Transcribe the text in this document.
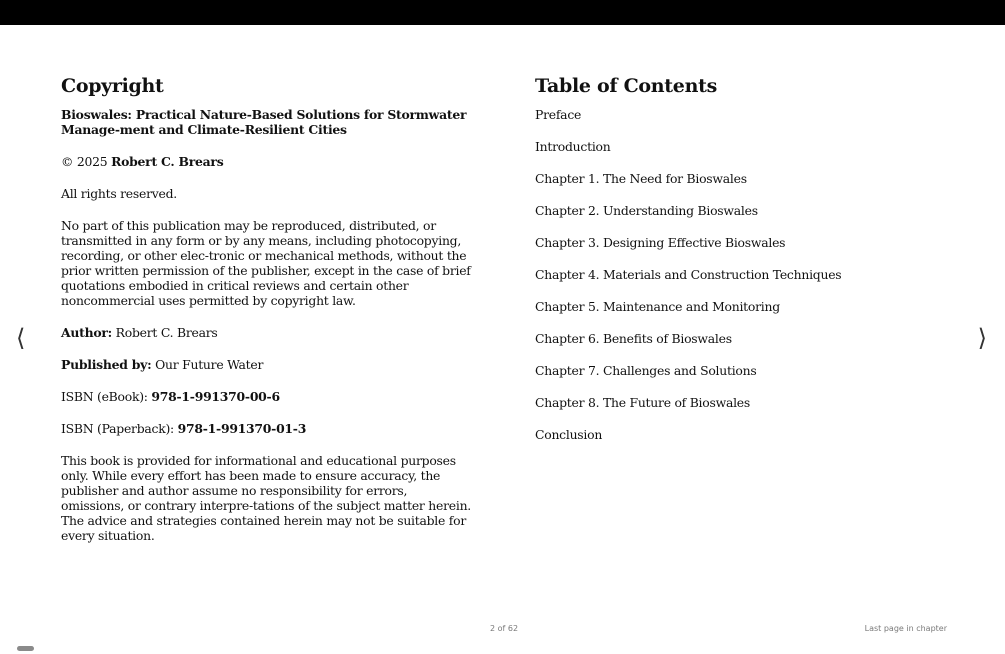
Copyright

Bioswales: Practical Nature-Based Solutions for Stormwater Manage-ment and Climate-Resilient Cities

© 2025 Robert C. Brears

All rights reserved.

No part of this publication may be reproduced, distributed, or transmitted in any form or by any means, including photocopying, recording, or other elec-tronic or mechanical methods, without the prior written permission of the publisher, except in the case of brief quotations embodied in critical reviews and certain other noncommercial uses permitted by copyright law.

Author: Robert C. Brears

Published by: Our Future Water

ISBN (eBook): 978-1-991370-00-6

ISBN (Paperback): 978-1-991370-01-3

This book is provided for informational and educational purposes only. While every effort has been made to ensure accuracy, the publisher and author assume no responsibility for errors, omissions, or contrary interpre-tations of the subject matter herein. The advice and strategies contained herein may not be suitable for every situation.

Table of Contents
Preface
Introduction
Chapter 1. The Need for Bioswales
Chapter 2. Understanding Bioswales
Chapter 3. Designing Effective Bioswales
Chapter 4. Materials and Construction Techniques
Chapter 5. Maintenance and Monitoring
Chapter 6. Benefits of Bioswales
Chapter 7. Challenges and Solutions
Chapter 8. The Future of Bioswales
Conclusion
⟨	⟩
2 of 62	Last page in chapter
